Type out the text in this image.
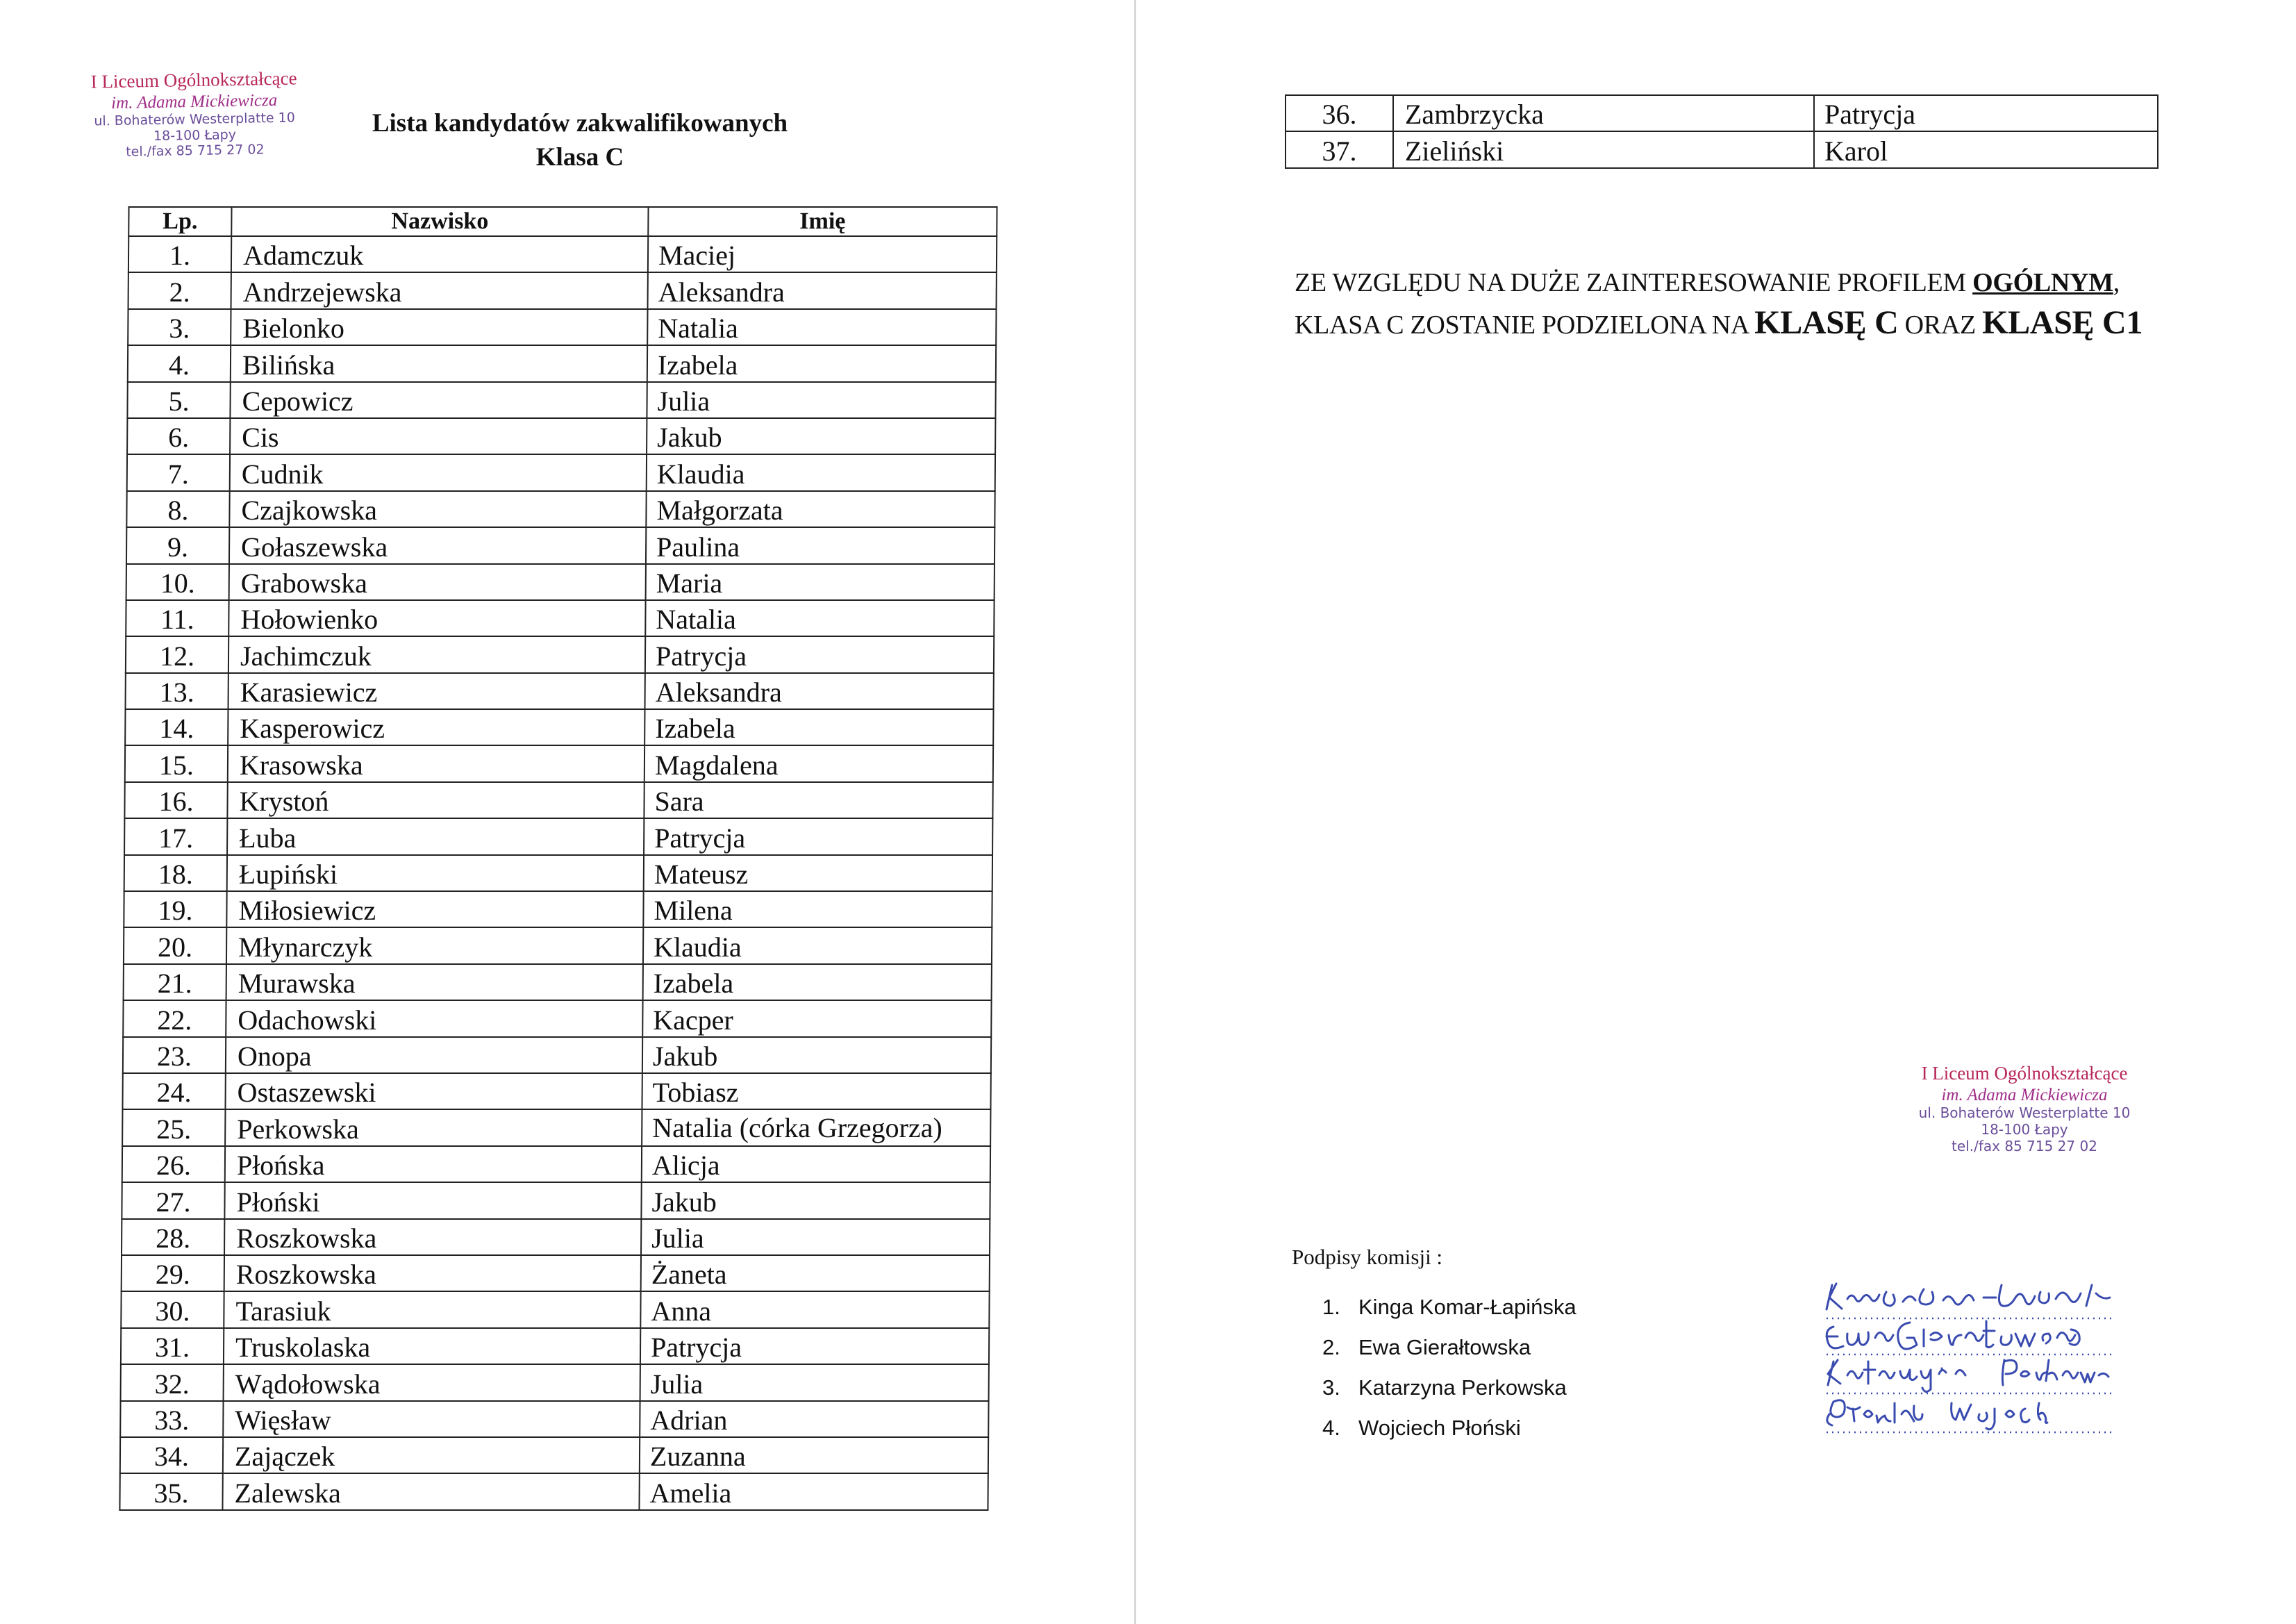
I Liceum Ogólnokształcące
im. Adama Mickiewicza
ul. Bohaterów Westerplatte 10
18-100 Łapy
tel./fax 85 715 27 02
Lista kandydatów zakwalifikowanych
Klasa C
Lp.	Nazwisko	Imię
1.	Adamczuk	Maciej
2.	Andrzejewska	Aleksandra
3.	Bielonko	Natalia
4.	Bilińska	Izabela
5.	Cepowicz	Julia
6.	Cis	Jakub
7.	Cudnik	Klaudia
8.	Czajkowska	Małgorzata
9.	Gołaszewska	Paulina
10.	Grabowska	Maria
11.	Hołowienko	Natalia
12.	Jachimczuk	Patrycja
13.	Karasiewicz	Aleksandra
14.	Kasperowicz	Izabela
15.	Krasowska	Magdalena
16.	Krystoń	Sara
17.	Łuba	Patrycja
18.	Łupiński	Mateusz
19.	Miłosiewicz	Milena
20.	Młynarczyk	Klaudia
21.	Murawska	Izabela
22.	Odachowski	Kacper
23.	Onopa	Jakub
24.	Ostaszewski	Tobiasz
25.	Perkowska	Natalia (córka Grzegorza)
26.	Płońska	Alicja
27.	Płoński	Jakub
28.	Roszkowska	Julia
29.	Roszkowska	Żaneta
30.	Tarasiuk	Anna
31.	Truskolaska	Patrycja
32.	Wądołowska	Julia
33.	Więsław	Adrian
34.	Zajączek	Zuzanna
35.	Zalewska	Amelia
36.	Zambrzycka	Patrycja
37.	Zieliński	Karol
ZE WZGLĘDU NA DUŻE ZAINTERESOWANIE PROFILEM OGÓLNYM, KLASA C ZOSTANIE PODZIELONA NA KLASĘ C ORAZ KLASĘ C1
I Liceum Ogólnokształcące
im. Adama Mickiewicza
ul. Bohaterów Westerplatte 10
18-100 Łapy
tel./fax 85 715 27 02
Podpisy komisji :
1. Kinga Komar-Łapińska
2. Ewa Gierałtowska
3. Katarzyna Perkowska
4. Wojciech Płoński
